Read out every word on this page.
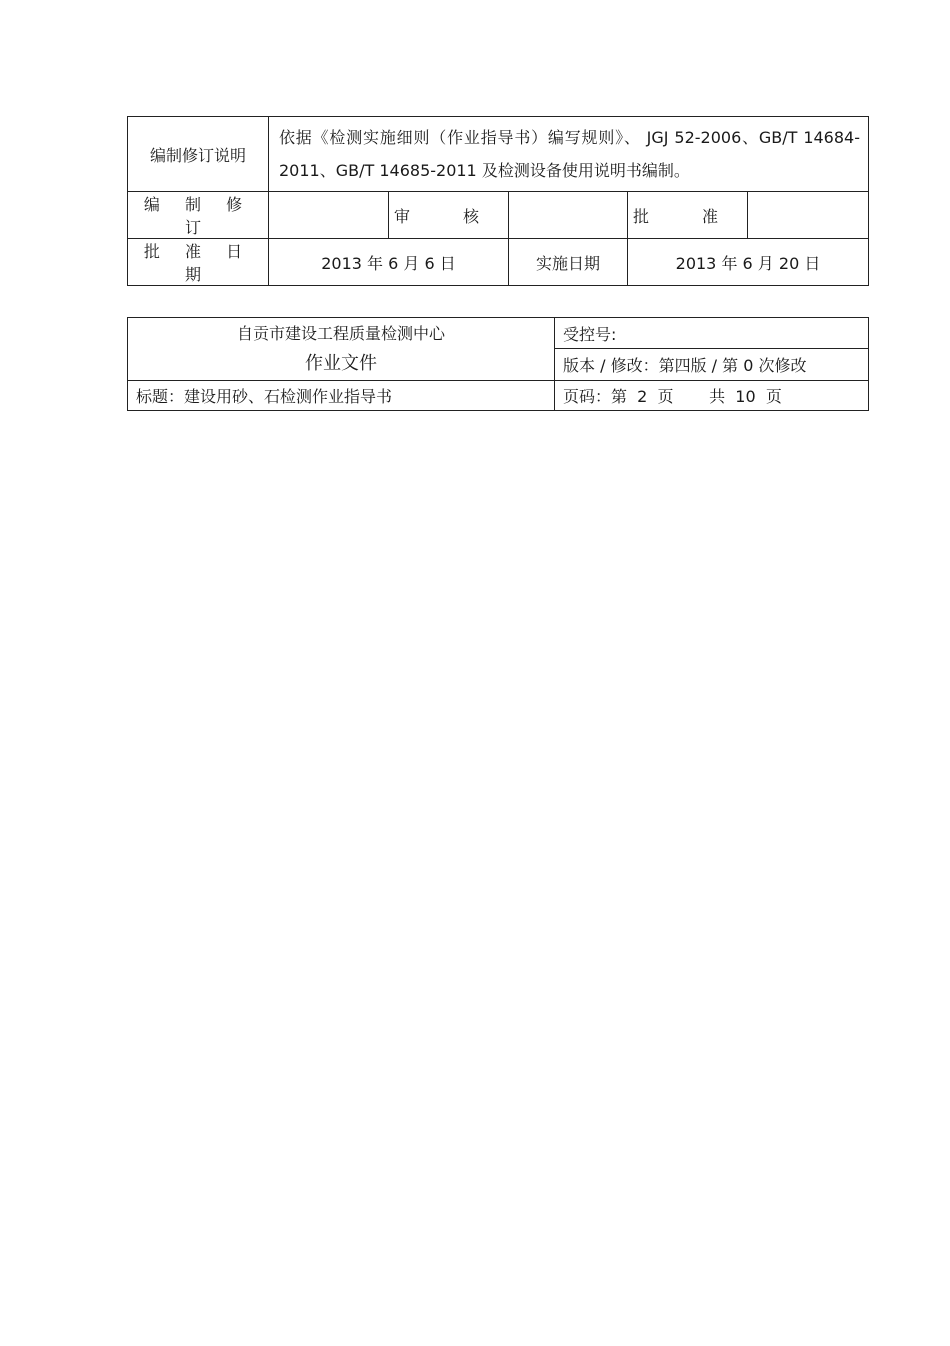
编制修订说明	依据《检测实施细则（作业指导书）编写规则》、 JGJ 52-2006、GB/T 14684-2011、GB/T 14685-2011 及检测设备使用说明书编制。				
编 制 修 订		审 核		批 准	
批 准 日 期	2013 年 6 月 6 日		实施日期	2013 年 6 月 20 日	
自贡市建设工程质量检测中心
作业文件	受控号:
	版本 / 修改：第四版 / 第 0 次修改
标题：建设用砂、石检测作业指导书	页码：第  2  页       共  10  页
